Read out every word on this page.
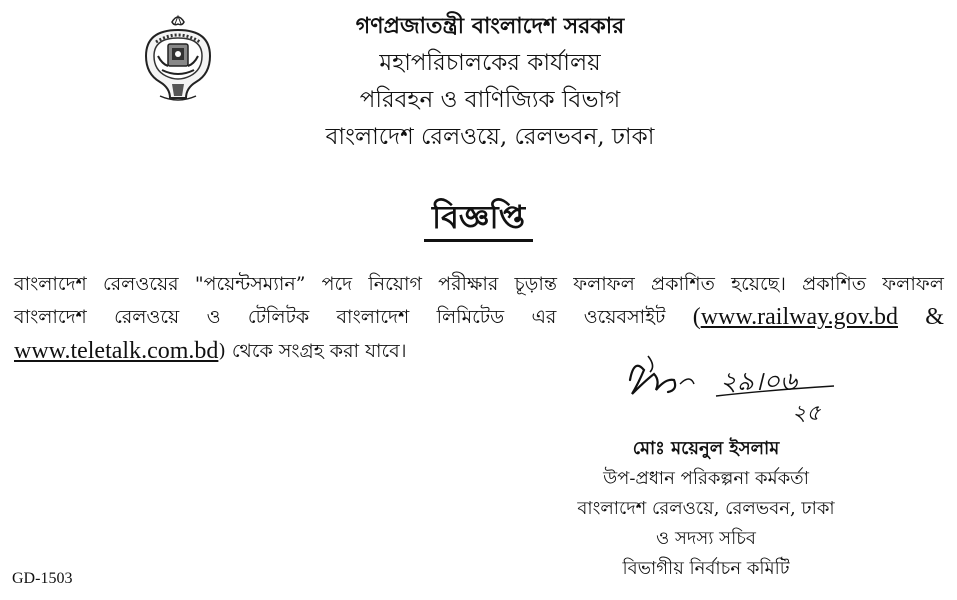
গণপ্রজাতন্ত্রী বাংলাদেশ সরকার
মহাপরিচালকের কার্যালয়
পরিবহন ও বাণিজ্যিক বিভাগ
বাংলাদেশ রেলওয়ে, রেলভবন, ঢাকা
বিজ্ঞপ্তি
বাংলাদেশ রেলওয়ের "পয়েন্টসম্যান” পদে নিয়োগ পরীক্ষার চূড়ান্ত ফলাফল প্রকাশিত হয়েছে। প্রকাশিত ফলাফল
বাংলাদেশ রেলওয়ে ও টেলিটক বাংলাদেশ লিমিটেড এর ওয়েবসাইট (www.railway.gov.bd &
www.teletalk.com.bd ) থেকে সংগ্রহ করা যাবে।
২৯।০৬
২৫
মোঃ ময়েনুল ইসলাম
উপ-প্রধান পরিকল্পনা কর্মকর্তা
বাংলাদেশ রেলওয়ে, রেলভবন, ঢাকা
ও সদস্য সচিব
বিভাগীয় নির্বাচন কমিটি
GD-1503
